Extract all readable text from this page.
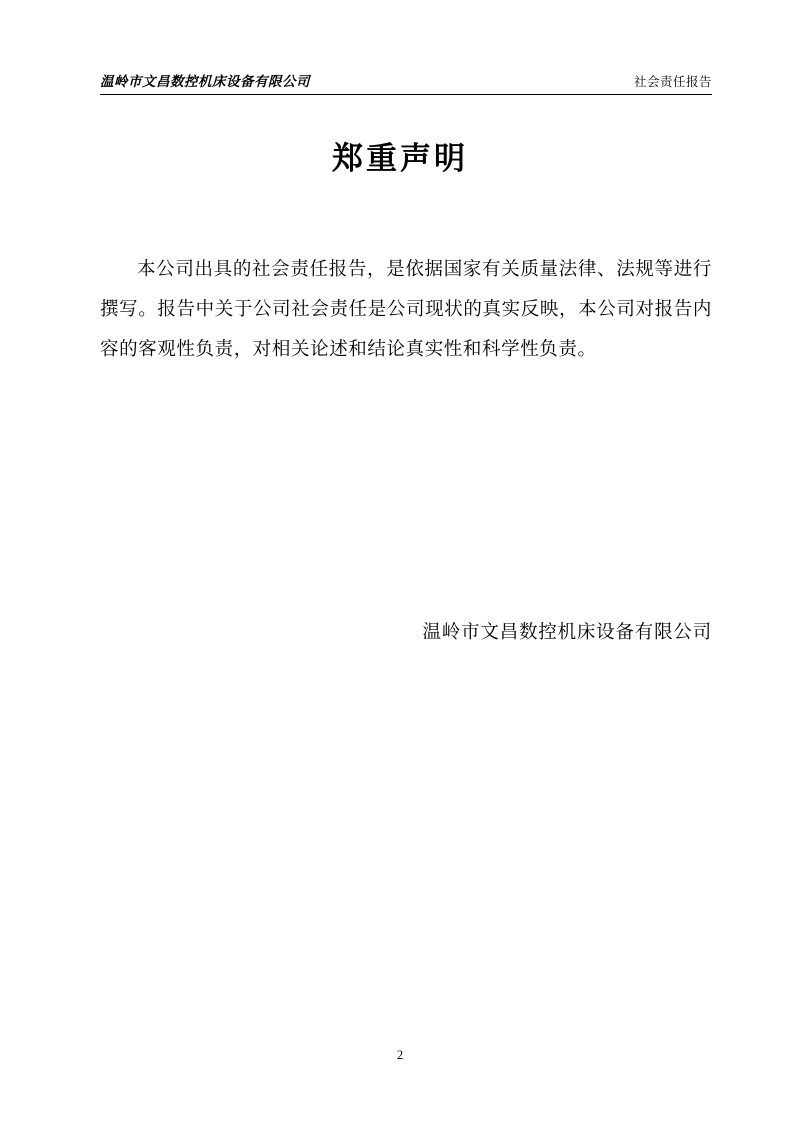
温岭市文昌数控机床设备有限公司	社会责任报告
郑重声明

本公司出具的社会责任报告，是依据国家有关质量法律、法规等进行撰写。报告中关于公司社会责任是公司现状的真实反映，本公司对报告内容的客观性负责，对相关论述和结论真实性和科学性负责。

温岭市文昌数控机床设备有限公司
2
